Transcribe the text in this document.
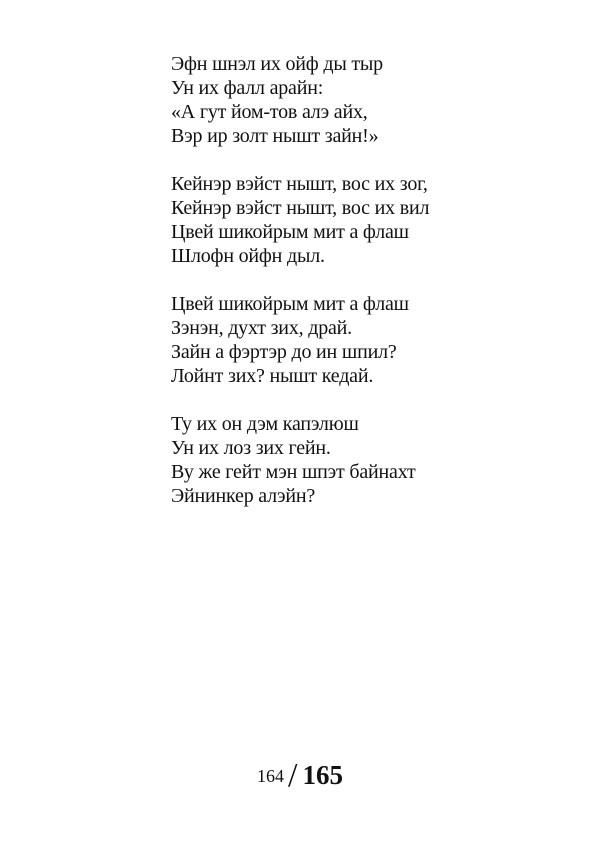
Эфн шнэл их ойф ды тыр
Ун их фалл арайн:
«А гут йом-тов алэ айх,
Вэр ир золт нышт зайн!»
Кейнэр вэйст нышт, вос их зог,
Кейнэр вэйст нышт, вос их вил
Цвей шикойрым мит а флаш
Шлофн ойфн дыл.
Цвей шикойрым мит а флаш
Зэнэн, духт зих, драй.
Зайн а фэртэр до ин шпил?
Лойнт зих? нышт кедай.
Ту их он дэм капэлюш
Ун их лоз зих гейн.
Ву же гейт мэн шпэт байнахт
Эйнинкер алэйн?
164 / 165
